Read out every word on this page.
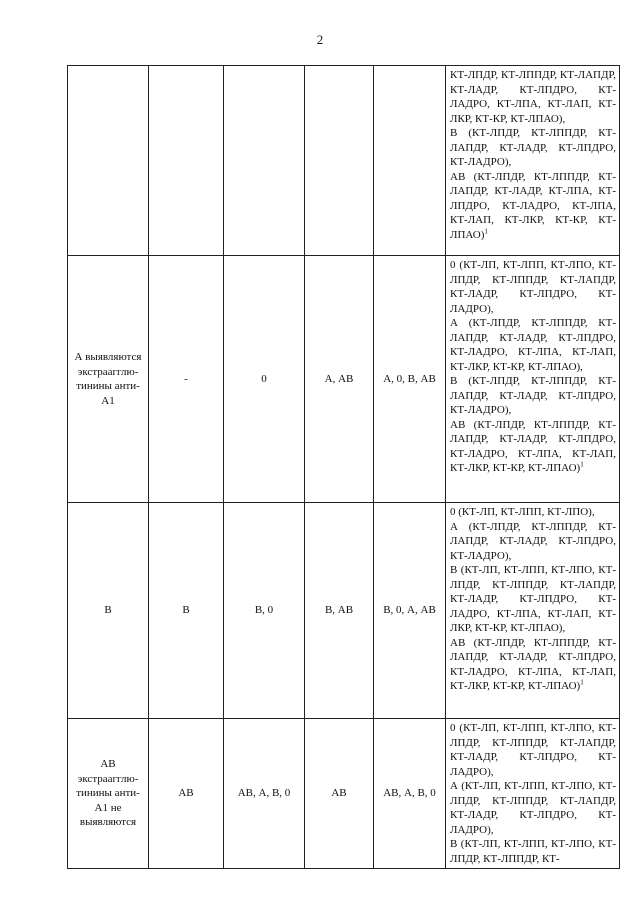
2

					КТ-ЛПДР, КТ-ЛППДР, КТ-ЛАПДР, КТ-ЛАДР, КТ-ЛПДРО, КТ-ЛАДРО, КТ-ЛПА, КТ-ЛАП, КТ-ЛКР, КТ-КР, КТ-ЛПАО),
В (КТ-ЛПДР, КТ-ЛППДР, КТ-ЛАПДР, КТ-ЛАДР, КТ-ЛПДРО, КТ-ЛАДРО),
АВ (КТ-ЛПДР, КТ-ЛППДР, КТ-ЛАПДР, КТ-ЛАДР, КТ-ЛПА, КТ-ЛПДРО, КТ-ЛАДРО, КТ-ЛПА, КТ-ЛАП, КТ-ЛКР, КТ-КР, КТ-ЛПАО)$^1$

А выявляются экстраагглю-тинины анти-А1	-	0	А, АВ	А, 0, В, АВ	0 (КТ-ЛП, КТ-ЛПП, КТ-ЛПО, КТ-ЛПДР, КТ-ЛППДР, КТ-ЛАПДР, КТ-ЛАДР, КТ-ЛПДРО, КТ-ЛАДРО),
А (КТ-ЛПДР, КТ-ЛППДР, КТ-ЛАПДР, КТ-ЛАДР, КТ-ЛПДРО, КТ-ЛАДРО, КТ-ЛПА, КТ-ЛАП, КТ-ЛКР, КТ-КР, КТ-ЛПАО),
В (КТ-ЛПДР, КТ-ЛППДР, КТ-ЛАПДР, КТ-ЛАДР, КТ-ЛПДРО, КТ-ЛАДРО),
АВ (КТ-ЛПДР, КТ-ЛППДР, КТ-ЛАПДР, КТ-ЛАДР, КТ-ЛПДРО, КТ-ЛАДРО, КТ-ЛПА, КТ-ЛАП, КТ-ЛКР, КТ-КР, КТ-ЛПАО)$^1$

В	В	В, 0	В, АВ	В, 0, А, АВ	0 (КТ-ЛП, КТ-ЛПП, КТ-ЛПО),
А (КТ-ЛПДР, КТ-ЛППДР, КТ-ЛАПДР, КТ-ЛАДР, КТ-ЛПДРО, КТ-ЛАДРО),
В (КТ-ЛП, КТ-ЛПП, КТ-ЛПО, КТ-ЛПДР, КТ-ЛППДР, КТ-ЛАПДР, КТ-ЛАДР, КТ-ЛПДРО, КТ-ЛАДРО, КТ-ЛПА, КТ-ЛАП, КТ-ЛКР, КТ-КР, КТ-ЛПАО),
АВ (КТ-ЛПДР, КТ-ЛППДР, КТ-ЛАПДР, КТ-ЛАДР, КТ-ЛПДРО, КТ-ЛАДРО, КТ-ЛПА, КТ-ЛАП, КТ-ЛКР, КТ-КР, КТ-ЛПАО)$^1$

АВ экстраагглю-тинины анти-А1 не выявляются	АВ	АВ, А, В, 0	АВ	АВ, А, В, 0	0 (КТ-ЛП, КТ-ЛПП, КТ-ЛПО, КТ-ЛПДР, КТ-ЛППДР, КТ-ЛАПДР, КТ-ЛАДР, КТ-ЛПДРО, КТ-ЛАДРО),
А (КТ-ЛП, КТ-ЛПП, КТ-ЛПО, КТ-ЛПДР, КТ-ЛППДР, КТ-ЛАПДР, КТ-ЛАДР, КТ-ЛПДРО, КТ-ЛАДРО),
В (КТ-ЛП, КТ-ЛПП, КТ-ЛПО, КТ-ЛПДР, КТ-ЛППДР, КТ-
